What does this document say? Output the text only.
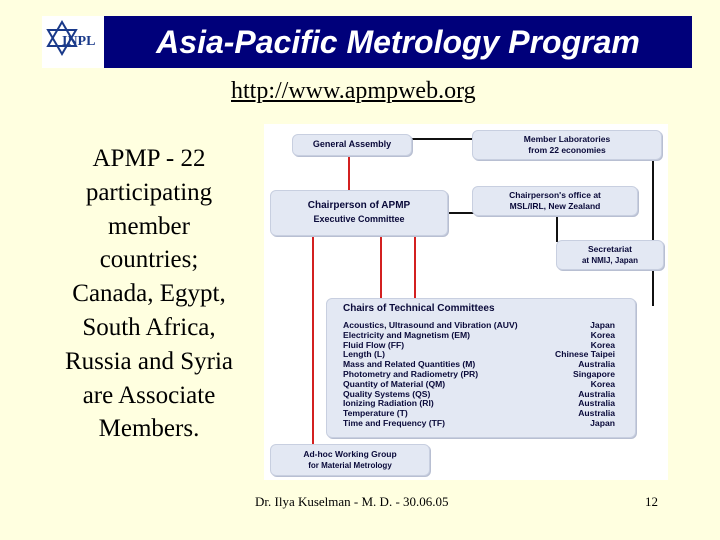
INPL	Asia-Pacific Metrology Program
http://www.apmpweb.org
APMP - 22 participating member countries; Canada, Egypt, South Africa, Russia and Syria are Associate Members.
General Assembly	Member Laboratories
from 22 economies
Chairperson of APMP
Executive Committee
Chairperson's office at
MSL/IRL, New Zealand
Secretariat
at NMIJ, Japan
Chairs of Technical Committees
Acoustics, Ultrasound and Vibration (AUV)	Japan
Electricity and Magnetism (EM)	Korea
Fluid Flow (FF)	Korea
Length (L)	Chinese Taipei
Mass and Related Quantities (M)	Australia
Photometry and Radiometry (PR)	Singapore
Quantity of Material (QM)	Korea
Quality Systems (QS)	Australia
Ionizing Radiation (RI)	Australia
Temperature (T)	Australia
Time and Frequency (TF)	Japan
Ad-hoc Working Group
for Material Metrology
Dr. Ilya Kuselman - M. D. - 30.06.05	12
